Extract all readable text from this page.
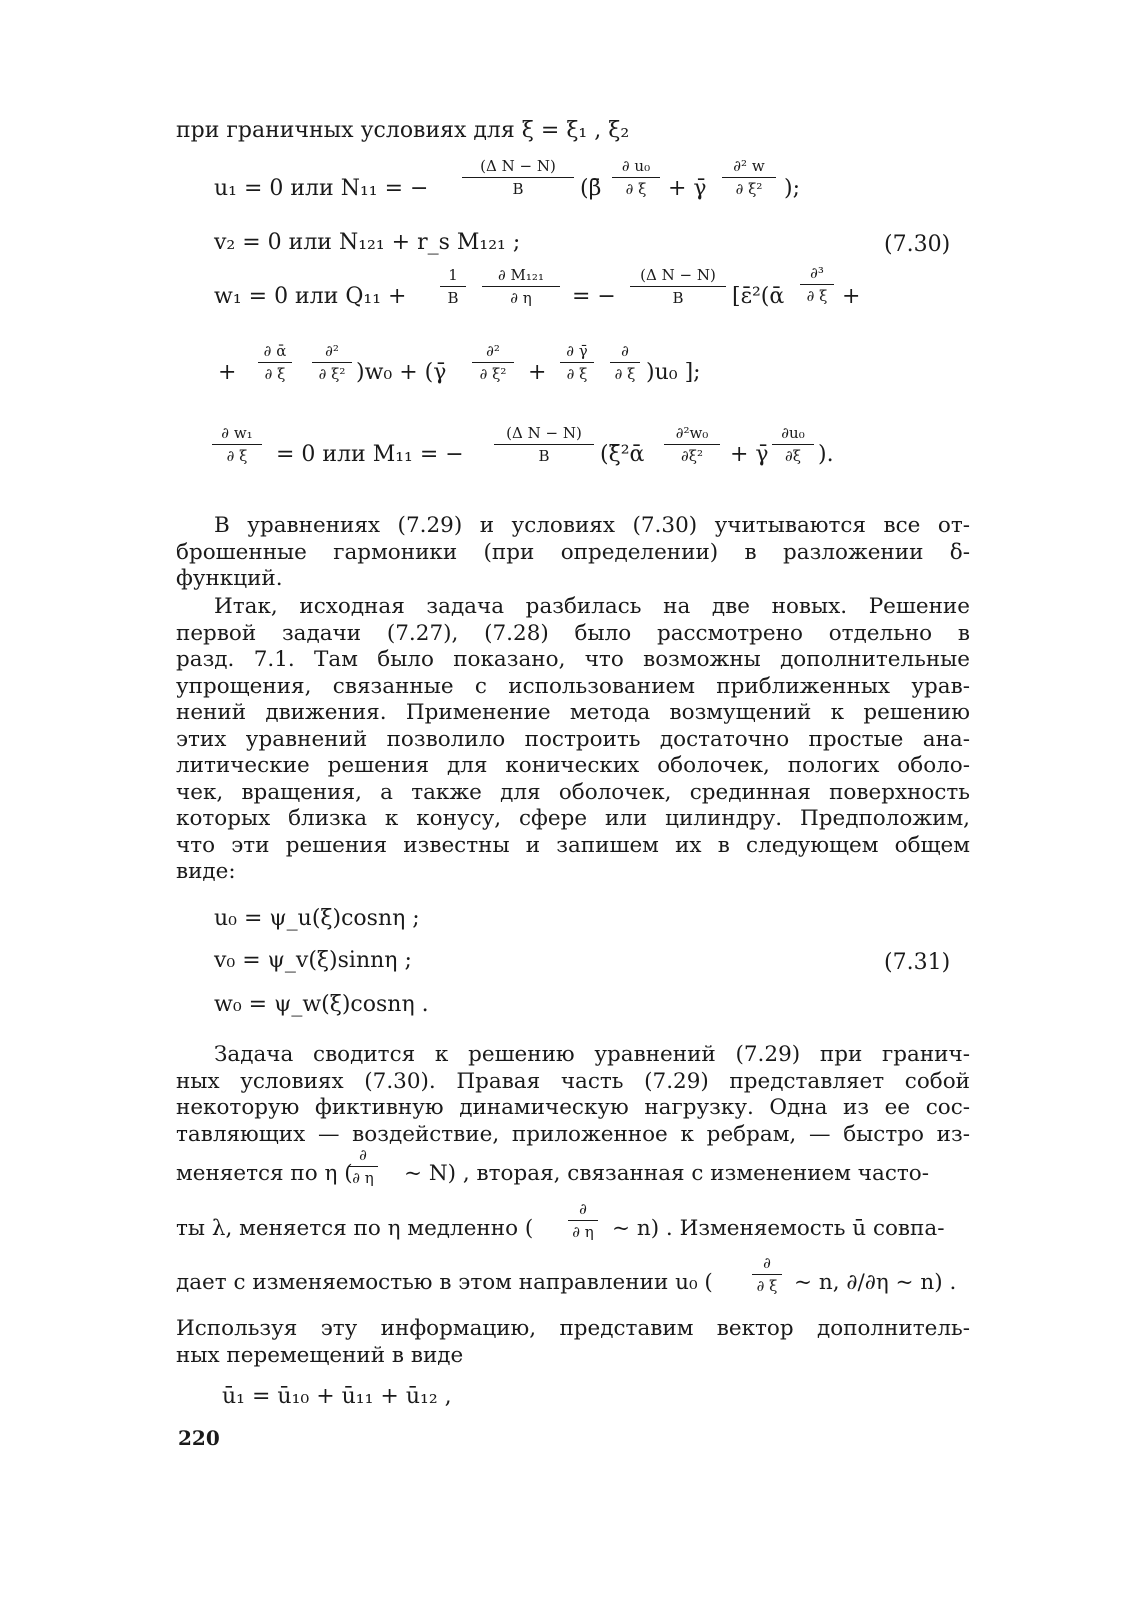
при граничных условиях для ξ = ξ₁ , ξ₂
u₁ = 0 или N₁₁ = −
(Δ N − N)
B	(β̄
∂ u₀
∂ ξ + γ̄
∂² w
∂ ξ² );
v₂ = 0 или N₁₂₁ + r_s M₁₂₁ ;	(7.30)
w₁ = 0 или Q₁₁ +
1
B
∂ M₁₂₁
∂ η	= −
(Δ N − N)
B	[ε̄²(ᾱ
∂³
∂ ξ +
+
∂ ᾱ
∂ ξ
∂²
∂ ξ² )w₀ + (γ̄
∂²
∂ ξ² +
∂ γ̄
∂ ξ
∂
∂ ξ )u₀ ];
∂ w₁
∂ ξ	= 0 или M₁₁ = −
(Δ N − N)
B	(ξ̄²ᾱ
∂²w₀
∂ξ²	+ γ̄
∂u₀
∂ξ ).
В уравнениях (7.29) и условиях (7.30) учитываются все от-
брошенные гармоники (при определении) в разложении δ-
функций.
Итак, исходная задача разбилась на две новых. Решение
первой задачи (7.27), (7.28) было рассмотрено отдельно в
разд. 7.1. Там было показано, что возможны дополнительные
упрощения, связанные с использованием приближенных урав-
нений движения. Применение метода возмущений к решению
этих уравнений позволило построить достаточно простые ана-
литические решения для конических оболочек, пологих оболо-
чек, вращения, а также для оболочек, срединная поверхность
которых близка к конусу, сфере или цилиндру. Предположим,
что эти решения известны и запишем их в следующем общем
виде:
u₀ = ψ_u(ξ)cosnη ;
v₀ = ψ_v(ξ)sinnη ;	(7.31)
w₀ = ψ_w(ξ)cosnη .
Задача сводится к решению уравнений (7.29) при гранич-
ных условиях (7.30). Правая часть (7.29) представляет собой
некоторую фиктивную динамическую нагрузку. Одна из ее сос-
тавляющих — воздействие, приложенное к ребрам, — быстро из-
меняется по η (
∂
∂ η ~ N) , вторая, связанная с изменением часто-
ты λ, меняется по η медленно (
∂
∂ η ~ n) . Изменяемость ū совпа-
дает с изменяемостью в этом направлении u₀ (
∂
∂ ξ ~ n, ∂/∂η ~ n) .
Используя эту информацию, представим вектор дополнитель-
ных перемещений в виде
ū₁ = ū₁₀ + ū₁₁ + ū₁₂ ,
220
